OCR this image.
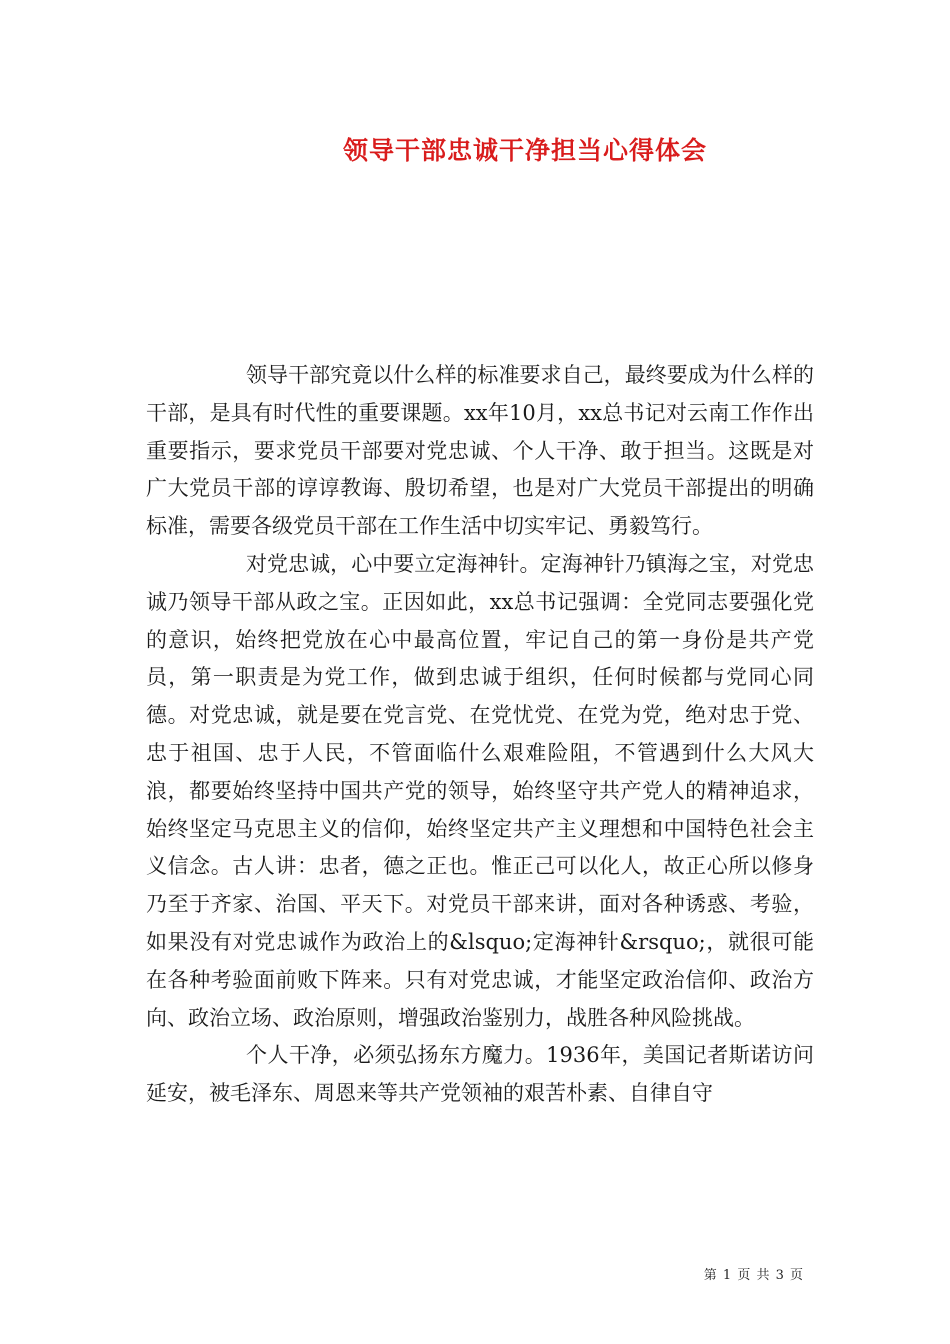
领导干部忠诚干净担当心得体会

领导干部究竟以什么样的标准要求自己，最终要成为什么样的干部，是具有时代性的重要课题。xx年10月，xx总书记对云南工作作出重要指示，要求党员干部要对党忠诚、个人干净、敢于担当。这既是对广大党员干部的谆谆教诲、殷切希望，也是对广大党员干部提出的明确标准，需要各级党员干部在工作生活中切实牢记、勇毅笃行。

对党忠诚，心中要立定海神针。定海神针乃镇海之宝，对党忠诚乃领导干部从政之宝。正因如此，xx总书记强调：全党同志要强化党的意识，始终把党放在心中最高位置，牢记自己的第一身份是共产党员，第一职责是为党工作，做到忠诚于组织，任何时候都与党同心同德。对党忠诚，就是要在党言党、在党忧党、在党为党，绝对忠于党、忠于祖国、忠于人民，不管面临什么艰难险阻，不管遇到什么大风大浪，都要始终坚持中国共产党的领导，始终坚守共产党人的精神追求，始终坚定马克思主义的信仰，始终坚定共产主义理想和中国特色社会主义信念。古人讲：忠者，德之正也。惟正己可以化人，故正心所以修身乃至于齐家、治国、平天下。对党员干部来讲，面对各种诱惑、考验，如果没有对党忠诚作为政治上的&lsquo;定海神针&rsquo;，就很可能在各种考验面前败下阵来。只有对党忠诚，才能坚定政治信仰、政治方向、政治立场、政治原则，增强政治鉴别力，战胜各种风险挑战。

个人干净，必须弘扬东方魔力。1936年，美国记者斯诺访问延安，被毛泽东、周恩来等共产党领袖的艰苦朴素、自律自守

第 1 页 共 3 页
